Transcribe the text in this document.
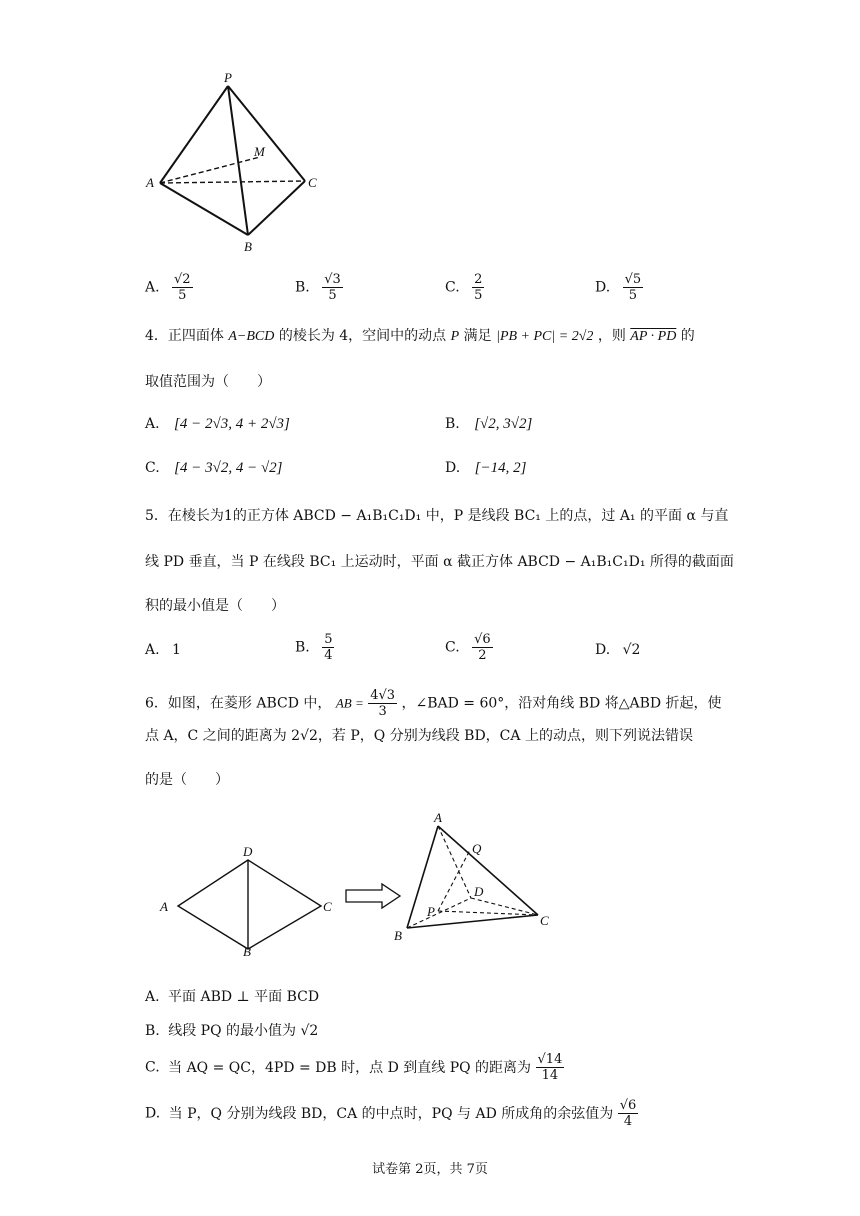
P
M
A	C
B
A. $\frac{√2}{5}$	B. $\frac{√3}{5}$	C. $\frac{2}{5}$	D. $\frac{√5}{5}$
4．正四面体 A−BCD 的棱长为 4，空间中的动点 P 满足 |PB + PC| = 2√2 ，则 AP · PD 的
取值范围为（　　）
A. [4 − 2√3, 4 + 2√3]	B. [√2, 3√2]
C. [4 − 3√2, 4 − √2]	D. [−14, 2]
5．在棱长为1的正方体 ABCD − A₁B₁C₁D₁ 中，P 是线段 BC₁ 上的点，过 A₁ 的平面 α 与直
线 PD 垂直，当 P 在线段 BC₁ 上运动时，平面 α 截正方体 ABCD − A₁B₁C₁D₁ 所得的截面面
积的最小值是（　　）
A. 1	B. $\frac{5}{4}$	C. $\frac{√6}{2}$	D. √2
6．如图，在菱形 ABCD 中， AB = $\frac{4√3}{3}$ ，∠BAD = 60°，沿对角线 BD 将△ABD 折起，使
点 A，C 之间的距离为 2√2，若 P，Q 分别为线段 BD，CA 上的动点，则下列说法错误
的是（　　）
A
D
C
B
A
Q
D
P
C
B
A. 平面 ABD ⊥ 平面 BCD
B. 线段 PQ 的最小值为 √2
C. 当 AQ = QC，4PD = DB 时，点 D 到直线 PQ 的距离为 $\frac{√14}{14}$
D. 当 P，Q 分别为线段 BD，CA 的中点时，PQ 与 AD 所成角的余弦值为 $\frac{√6}{4}$
试卷第 2页，共 7页
